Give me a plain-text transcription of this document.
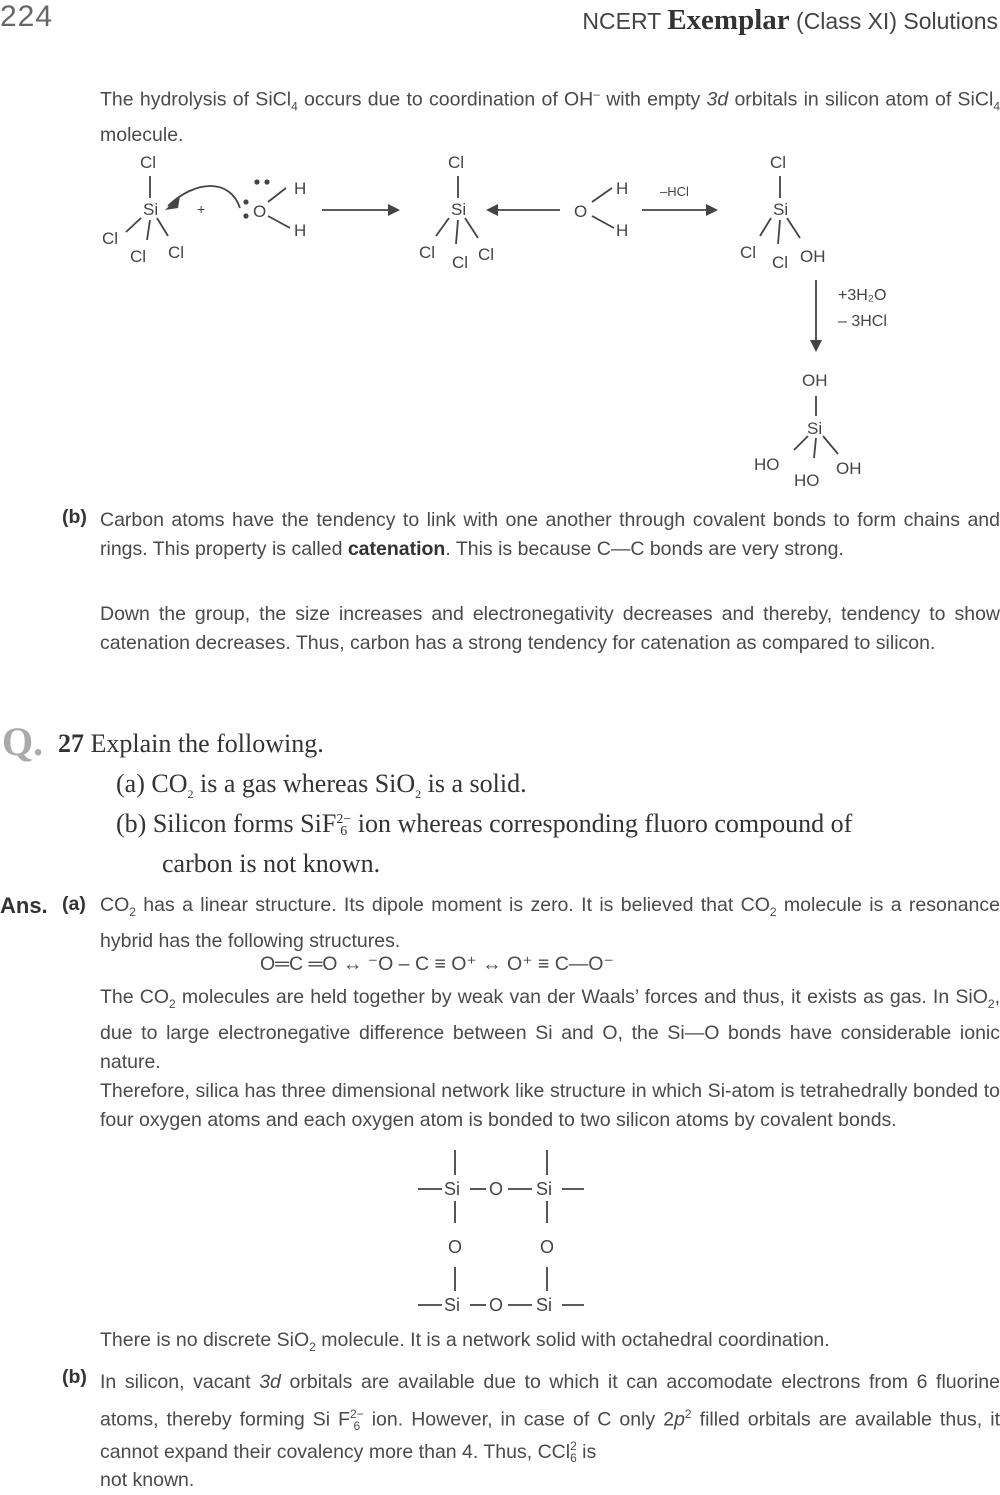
224	NCERT Exemplar (Class XI) Solutions
The hydrolysis of SiCl$_4$ occurs due to coordination of OH– with empty 3d orbitals in silicon atom of SiCl$_4$ molecule.
Cl
Si
Cl
Cl Cl
+	O
H
H
Cl
Si
Cl
Cl Cl
O
H
H
–HCl
Cl
Si
Cl
Cl OH
+3H₂O
– 3HCl
OH
Si
HO
HO
OH
(b) Carbon atoms have the tendency to link with one another through covalent bonds to form chains and rings. This property is called catenation. This is because C—C bonds are very strong.
Down the group, the size increases and electronegativity decreases and thereby, tendency to show catenation decreases. Thus, carbon has a strong tendency for catenation as compared to silicon.
Q. 27 Explain the following.
(a) $CO_2$ is a gas whereas SiO$_2$ is a solid.
(b) Silicon forms SiF 2−
6 ion whereas corresponding fluoro compound of
carbon is not known.
Ans. (a) $CO_2$ has a linear structure. Its dipole moment is zero. It is believed that $CO_2$ molecule is a resonance hybrid has the following structures.
O═C ═O ↔ ⁻O – C ≡ O⁺ ↔ O⁺ ≡ C—O⁻
The $CO_2$ molecules are held together by weak van der Waals’ forces and thus, it exists as gas. In SiO$_2$, due to large electronegative difference between Si and O, the Si—O bonds have considerable ionic nature.
Therefore, silica has three dimensional network like structure in which Si-atom is tetrahedrally bonded to four oxygen atoms and each oxygen atom is bonded to two silicon atoms by covalent bonds.
Si O Si
O	O
Si O Si
There is no discrete SiO$_2$ molecule. It is a network solid with octahedral coordination.
(b) In silicon, vacant 3d orbitals are available due to which it can accomodate electrons from 6 fluorine atoms, thereby forming Si F 2−
6 ion. However, in case of C only $2p^2$ filled orbitals are available thus, it cannot expand their covalency more than 4. Thus, CCl 2
6 is
not known.
